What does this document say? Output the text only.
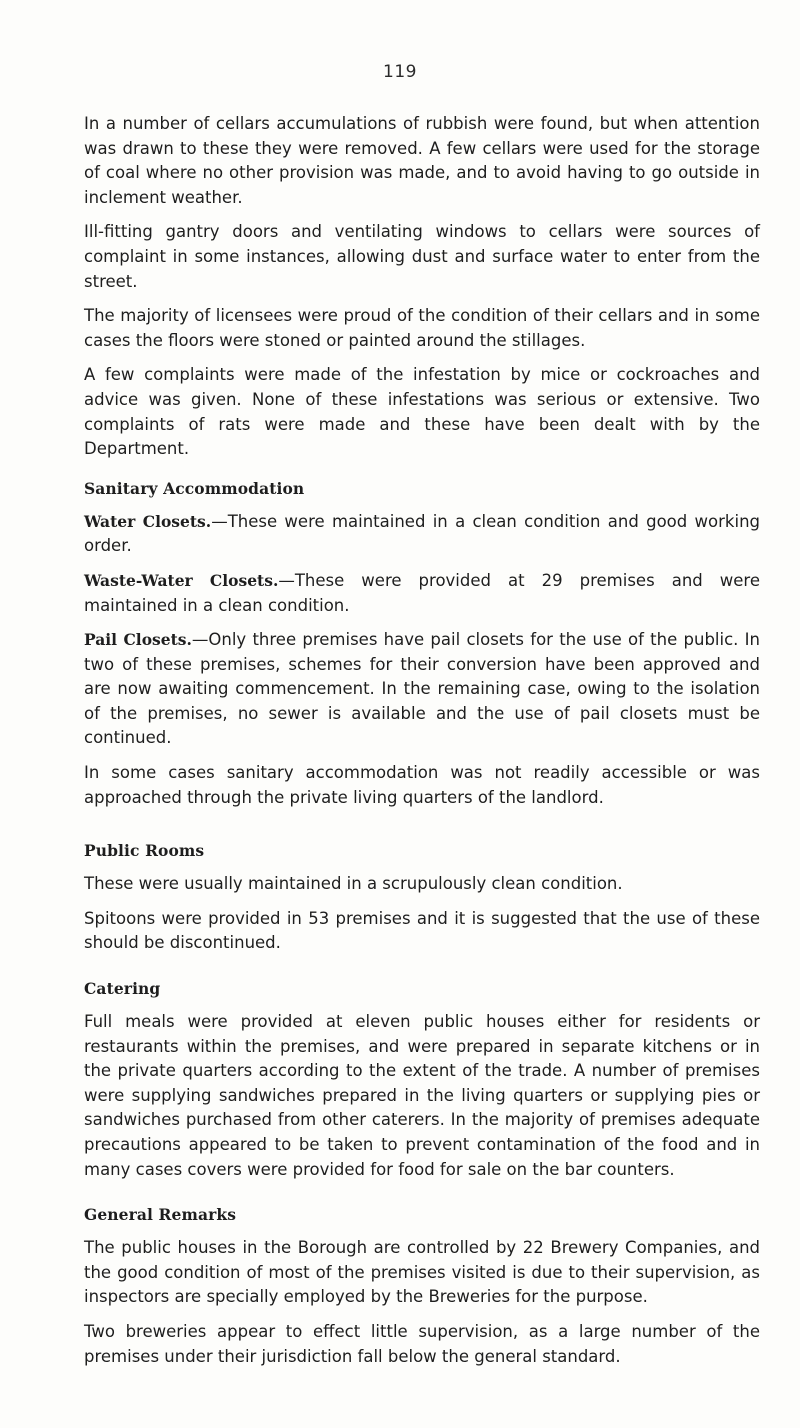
119

In a number of cellars accumulations of rubbish were found, but when attention was drawn to these they were removed. A few cellars were used for the storage of coal where no other provision was made, and to avoid having to go outside in inclement weather.

Ill-fitting gantry doors and ventilating windows to cellars were sources of complaint in some instances, allowing dust and surface water to enter from the street.

The majority of licensees were proud of the condition of their cellars and in some cases the floors were stoned or painted around the stillages.

A few complaints were made of the infestation by mice or cockroaches and advice was given. None of these infestations was serious or extensive. Two complaints of rats were made and these have been dealt with by the Department.

Sanitary Accommodation

Water Closets.—These were maintained in a clean condition and good working order.

Waste-Water Closets.—These were provided at 29 premises and were maintained in a clean condition.

Pail Closets.—Only three premises have pail closets for the use of the public. In two of these premises, schemes for their conversion have been approved and are now awaiting commencement. In the remaining case, owing to the isolation of the premises, no sewer is available and the use of pail closets must be continued.

In some cases sanitary accommodation was not readily accessible or was approached through the private living quarters of the landlord.

Public Rooms

These were usually maintained in a scrupulously clean condition.

Spitoons were provided in 53 premises and it is suggested that the use of these should be discontinued.

Catering

Full meals were provided at eleven public houses either for residents or restaurants within the premises, and were prepared in separate kitchens or in the private quarters according to the extent of the trade. A number of premises were supplying sandwiches prepared in the living quarters or supplying pies or sandwiches purchased from other caterers. In the majority of premises adequate precautions appeared to be taken to prevent contamination of the food and in many cases covers were provided for food for sale on the bar counters.

General Remarks

The public houses in the Borough are controlled by 22 Brewery Companies, and the good condition of most of the premises visited is due to their supervision, as inspectors are specially employed by the Breweries for the purpose.

Two breweries appear to effect little supervision, as a large number of the premises under their jurisdiction fall below the general standard.
